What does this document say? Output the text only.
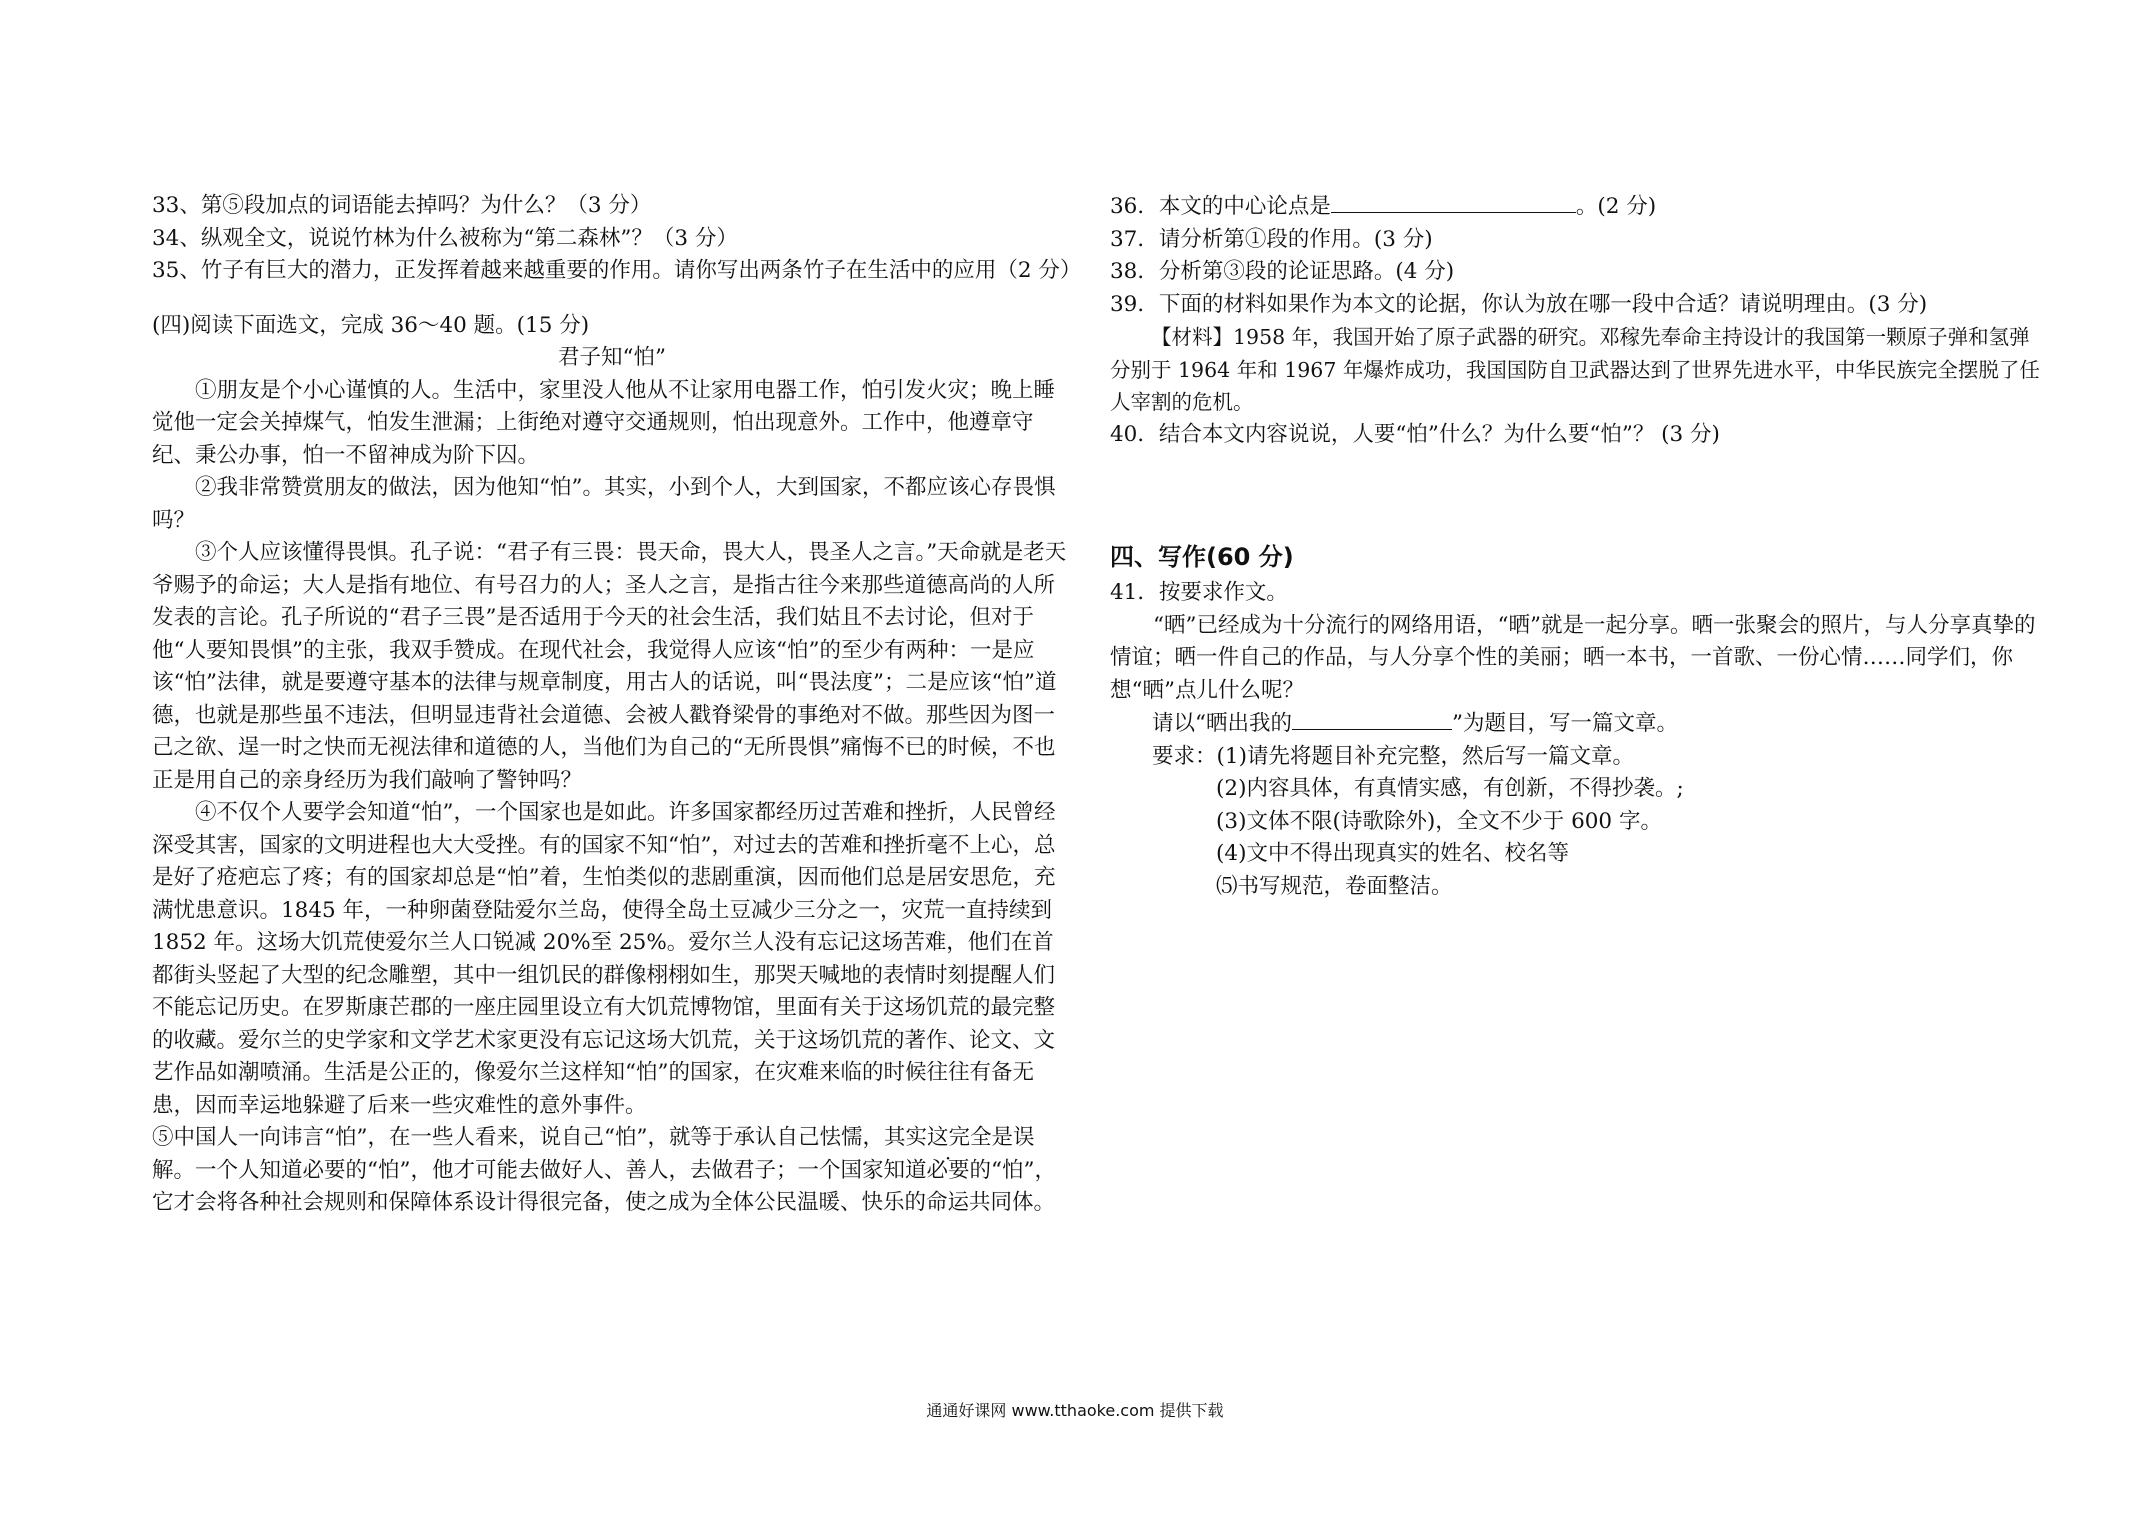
33、第⑤段加点的词语能去掉吗？为什么？（3 分）

34、纵观全文，说说竹林为什么被称为“第二森林”？（3 分）

35、竹子有巨大的潜力，正发挥着越来越重要的作用。请你写出两条竹子在生活中的应用（2 分）

(四)阅读下面选文，完成 36～40 题。(15 分)

君子知“怕”

①朋友是个小心谨慎的人。生活中，家里没人他从不让家用电器工作，怕引发火灾；晚上睡觉他一定会关掉煤气，怕发生泄漏；上街绝对遵守交通规则，怕出现意外。工作中，他遵章守纪、秉公办事，怕一不留神成为阶下囚。

②我非常赞赏朋友的做法，因为他知“怕”。其实，小到个人，大到国家，不都应该心存畏惧吗？

③个人应该懂得畏惧。孔子说：“君子有三畏：畏天命，畏大人，畏圣人之言。”天命就是老天爷赐予的命运；大人是指有地位、有号召力的人；圣人之言，是指古往今来那些道德高尚的人所发表的言论。孔子所说的“君子三畏”是否适用于今天的社会生活，我们姑且不去讨论，但对于他“人要知畏惧”的主张，我双手赞成。在现代社会，我觉得人应该“怕”的至少有两种：一是应该“怕”法律，就是要遵守基本的法律与规章制度，用古人的话说，叫“畏法度”；二是应该“怕”道德，也就是那些虽不违法，但明显违背社会道德、会被人戳脊梁骨的事绝对不做。那些因为图一己之欲、逞一时之快而无视法律和道德的人，当他们为自己的“无所畏惧”痛悔不已的时候，不也正是用自己的亲身经历为我们敲响了警钟吗？

④不仅个人要学会知道“怕”，一个国家也是如此。许多国家都经历过苦难和挫折，人民曾经深受其害，国家的文明进程也大大受挫。有的国家不知“怕”，对过去的苦难和挫折毫不上心，总是好了疮疤忘了疼；有的国家却总是“怕”着，生怕类似的悲剧重演，因而他们总是居安思危，充满忧患意识。1845 年，一种卵菌登陆爱尔兰岛，使得全岛土豆减少三分之一，灾荒一直持续到 1852 年。这场大饥荒使爱尔兰人口锐减 20%至 25%。爱尔兰人没有忘记这场苦难，他们在首都街头竖起了大型的纪念雕塑，其中一组饥民的群像栩栩如生，那哭天喊地的表情时刻提醒人们不能忘记历史。在罗斯康芒郡的一座庄园里设立有大饥荒博物馆，里面有关于这场饥荒的最完整的收藏。爱尔兰的史学家和文学艺术家更没有忘记这场大饥荒，关于这场饥荒的著作、论文、文艺作品如潮喷涌。生活是公正的，像爱尔兰这样知“怕”的国家，在灾难来临的时候往往有备无患，因而幸运地躲避了后来一些灾难性的意外事件。

⑤中国人一向讳言“怕”，在一些人看来，说自己“怕”，就等于承认自己怯懦，其实这完全是误解。一个人知道必要的“怕”，他才可能去做好人、善人，去做君子；一个国家知道必要的“怕”，它才会将各种社会规则和保障体系设计得很完备，使之成为全体公民温暖、快乐的命运共同体。

36．本文的中心论点是	。(2 分)

37．请分析第①段的作用。(3 分)

38．分析第③段的论证思路。(4 分)

39．下面的材料如果作为本文的论据，你认为放在哪一段中合适？请说明理由。(3 分)

【材料】1958 年，我国开始了原子武器的研究。邓稼先奉命主持设计的我国第一颗原子弹和氢弹分别于 1964 年和 1967 年爆炸成功，我国国防自卫武器达到了世界先进水平，中华民族完全摆脱了任人宰割的危机。

40．结合本文内容说说，人要“怕”什么？为什么要“怕”？ (3 分)

四、写作(60 分)

41．按要求作文。

“晒”已经成为十分流行的网络用语，“晒”就是一起分享。晒一张聚会的照片，与人分享真挚的情谊；晒一件自己的作品，与人分享个性的美丽；晒一本书，一首歌、一份心情……同学们，你想“晒”点儿什么呢？

请以“晒出我的	”为题目，写一篇文章。

要求：(1)请先将题目补充完整，然后写一篇文章。

(2)内容具体，有真情实感，有创新，不得抄袭。;

(3)文体不限(诗歌除外)，全文不少于 600 字。

(4)文中不得出现真实的姓名、校名等

⑸书写规范，卷面整洁。

通通好课网 www.tthaoke.com 提供下载
